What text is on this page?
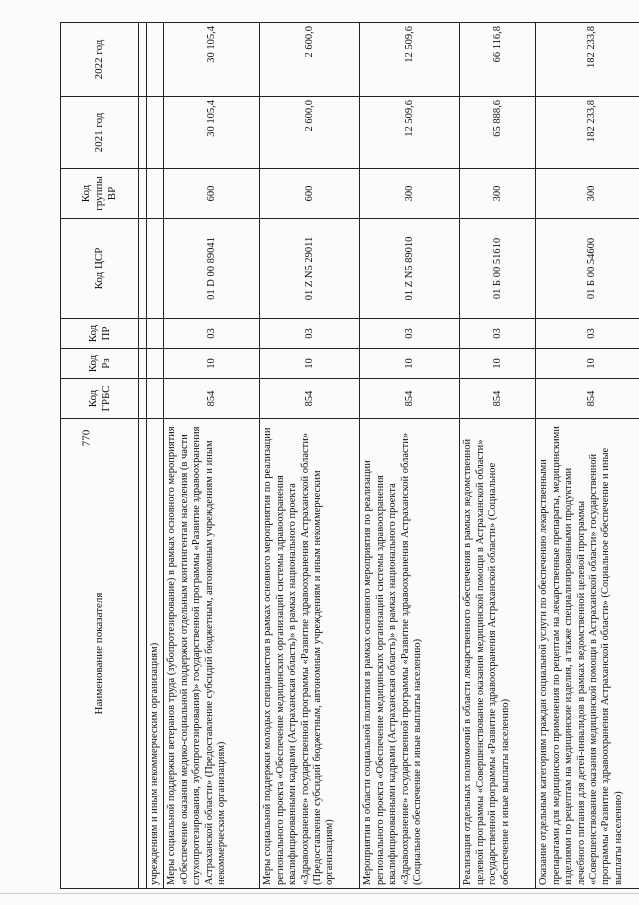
770
Наименование показателя	Код ГРБС	Код Рз	Код ПР	Код ЦСР	Код группы ВР	2021 год	2022 год

учреждениям и иным некоммерческим организациям)							
Меры социальной поддержки ветеранов труда (зубопротезирование) в рамках основного мероприятия «Обеспечение оказания медико-социальной поддержки отдельным контингентам населения (в части слухопротезирования, зубопротезирования)» государственной программы «Развитие здравоохранения Астраханской области» (Предоставление субсидий бюджетным, автономным учреждениям и иным некоммерческим организациям)	854	10	03	01 D 00 89041	600	30 105,4	30 105,4
Меры социальной поддержки молодых специалистов в рамках основного мероприятия по реализации регионального проекта «Обеспечение медицинских организаций системы здравоохранения квалифицированными кадрами (Астраханская область)» в рамках национального проекта «Здравоохранение» государственной программы «Развитие здравоохранения Астраханской области» (Предоставление субсидий бюджетным, автономным учреждениям и иным некоммерческим организациям)	854	10	03	01 Z N5 29011	600	2 600,0	2 600,0
Мероприятия в области социальной политики в рамках основного мероприятия по реализации регионального проекта «Обеспечение медицинских организаций системы здравоохранения квалифицированными кадрами (Астраханская область)» в рамках национального проекта «Здравоохранение» государственной программы «Развитие здравоохранения Астраханской области» (Социальное обеспечение и иные выплаты населению)	854	10	03	01 Z N5 89010	300	12 509,6	12 509,6
Реализация отдельных полномочий в области лекарственного обеспечения в рамках ведомственной целевой программы «Совершенствование оказания медицинской помощи в Астраханской области» государственной программы «Развитие здравоохранения Астраханской области» (Социальное обеспечение и иные выплаты населению)	854	10	03	01 Б 00 51610	300	65 888,6	66 116,8
Оказание отдельным категориям граждан социальной услуги по обеспечению лекарственными препаратами для медицинского применения по рецептам на лекарственные препараты, медицинскими изделиями по рецептам на медицинские изделия, а также специализированными продуктами лечебного питания для детей-инвалидов в рамках ведомственной целевой программы «Совершенствование оказания медицинской помощи в Астраханской области» государственной программы «Развитие здравоохранения Астраханской области» (Социальное обеспечение и иные выплаты населению)	854	10	03	01 Б 00 54600	300	182 233,8	182 233,8
